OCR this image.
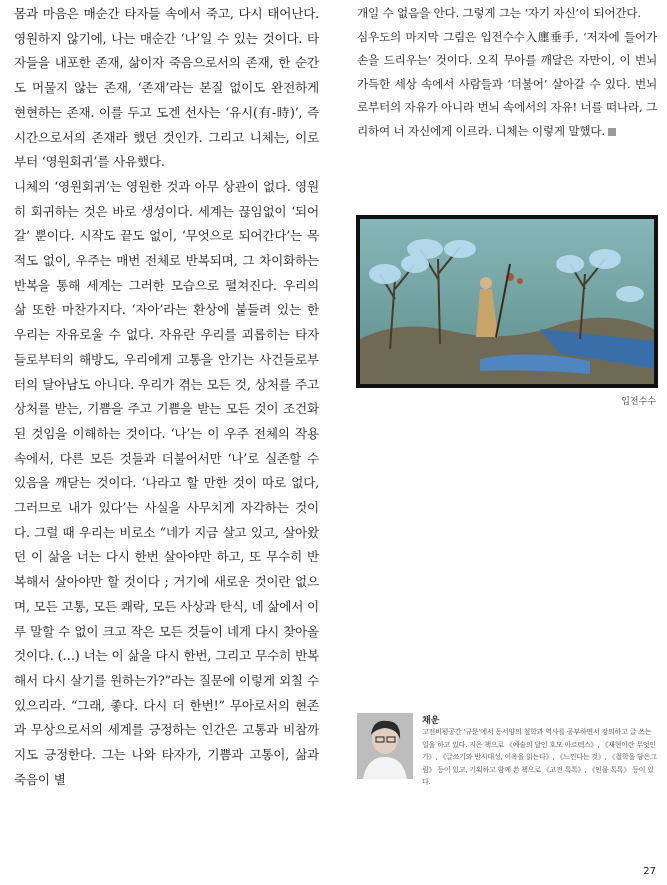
몸과 마음은 매순간 타자들 속에서 죽고, 다시 태어난다. 영원하지 않기에, 나는 매순간 ‘나’일 수 있는 것이다. 타자들을 내포한 존재, 삶이자 죽음으로서의 존재, 한 순간도 머물지 않는 존재, ‘존재’라는 본질 없이도 완전하게 현현하는 존재. 이를 두고 도겐 선사는 ‘유시(有-時)’, 즉 시간으로서의 존재라 했던 것인가. 그리고 니체는, 이로부터 ‘영원회귀’를 사유했다.

니체의 ‘영원회귀’는 영원한 것과 아무 상관이 없다. 영원히 회귀하는 것은 바로 생성이다. 세계는 끊임없이 ‘되어갈’ 뿐이다. 시작도 끝도 없이, ‘무엇으로 되어간다’는 목적도 없이, 우주는 매번 전체로 반복되며, 그 차이화하는 반복을 통해 세계는 그러한 모습으로 펼쳐진다. 우리의 삶 또한 마찬가지다. ‘자아’라는 환상에 붙들려 있는 한 우리는 자유로울 수 없다. 자유란 우리를 괴롭히는 타자들로부터의 해방도, 우리에게 고통을 안기는 사건들로부터의 달아남도 아니다. 우리가 겪는 모든 것, 상처를 주고 상처를 받는, 기쁨을 주고 기쁨을 받는 모든 것이 조건화된 것임을 이해하는 것이다. ‘나’는 이 우주 전체의 작용 속에서, 다른 모든 것들과 더불어서만 ‘나’로 실존할 수 있음을 깨닫는 것이다. ‘나라고 할 만한 것이 따로 없다, 그러므로 내가 있다’는 사실을 사무치게 자각하는 것이다. 그럴 때 우리는 비로소 “네가 지금 살고 있고, 살아왔던 이 삶을 너는 다시 한번 살아야만 하고, 또 무수히 반복해서 살아야만 할 것이다 ; 거기에 새로운 것이란 없으며, 모든 고통, 모든 쾌락, 모든 사상과 탄식, 네 삶에서 이루 말할 수 없이 크고 작은 모든 것들이 네게 다시 찾아올 것이다. (…) 너는 이 삶을 다시 한번, 그리고 무수히 반복해서 다시 살기를 원하는가?”라는 질문에 이렇게 외칠 수 있으리라. “그래, 좋다. 다시 더 한번!” 무아로서의 현존과 무상으로서의 세계를 긍정하는 인간은 고통과 비참까지도 긍정한다. 그는 나와 타자가, 기쁨과 고통이, 삶과 죽음이 별

개일 수 없음을 안다. 그렇게 그는 ‘자기 자신’이 되어간다.

심우도의 마지막 그림은 입전수수入廛垂手, ‘저자에 들어가 손을 드리우는’ 것이다. 오직 무아를 깨달은 자만이, 이 번뇌 가득한 세상 속에서 사람들과 ‘더불어’ 살아갈 수 있다. 번뇌로부터의 자유가 아니라 번뇌 속에서의 자유! 너를 떠나라, 그리하여 너 자신에게 이르라. 니체는 이렇게 말했다.

입전수수
채운
고전비평공간 ‘규문’에서 동서양의 철학과 역사를 공부하면서 강의하고 글 쓰는 일을 하고 있다. 지은 책으로 《예술의 달인 호모 아르텍스》, 《재현이란 무엇인가》, 《글쓰기와 반시대성, 이옥을 읽는다》, 《느낀다는 것》, 《철학을 담은그림》 등이 있고, 기획하고 함께 쓴 책으로 《고전 톡톡》, 《인물 톡톡》 등이 있다.
27
